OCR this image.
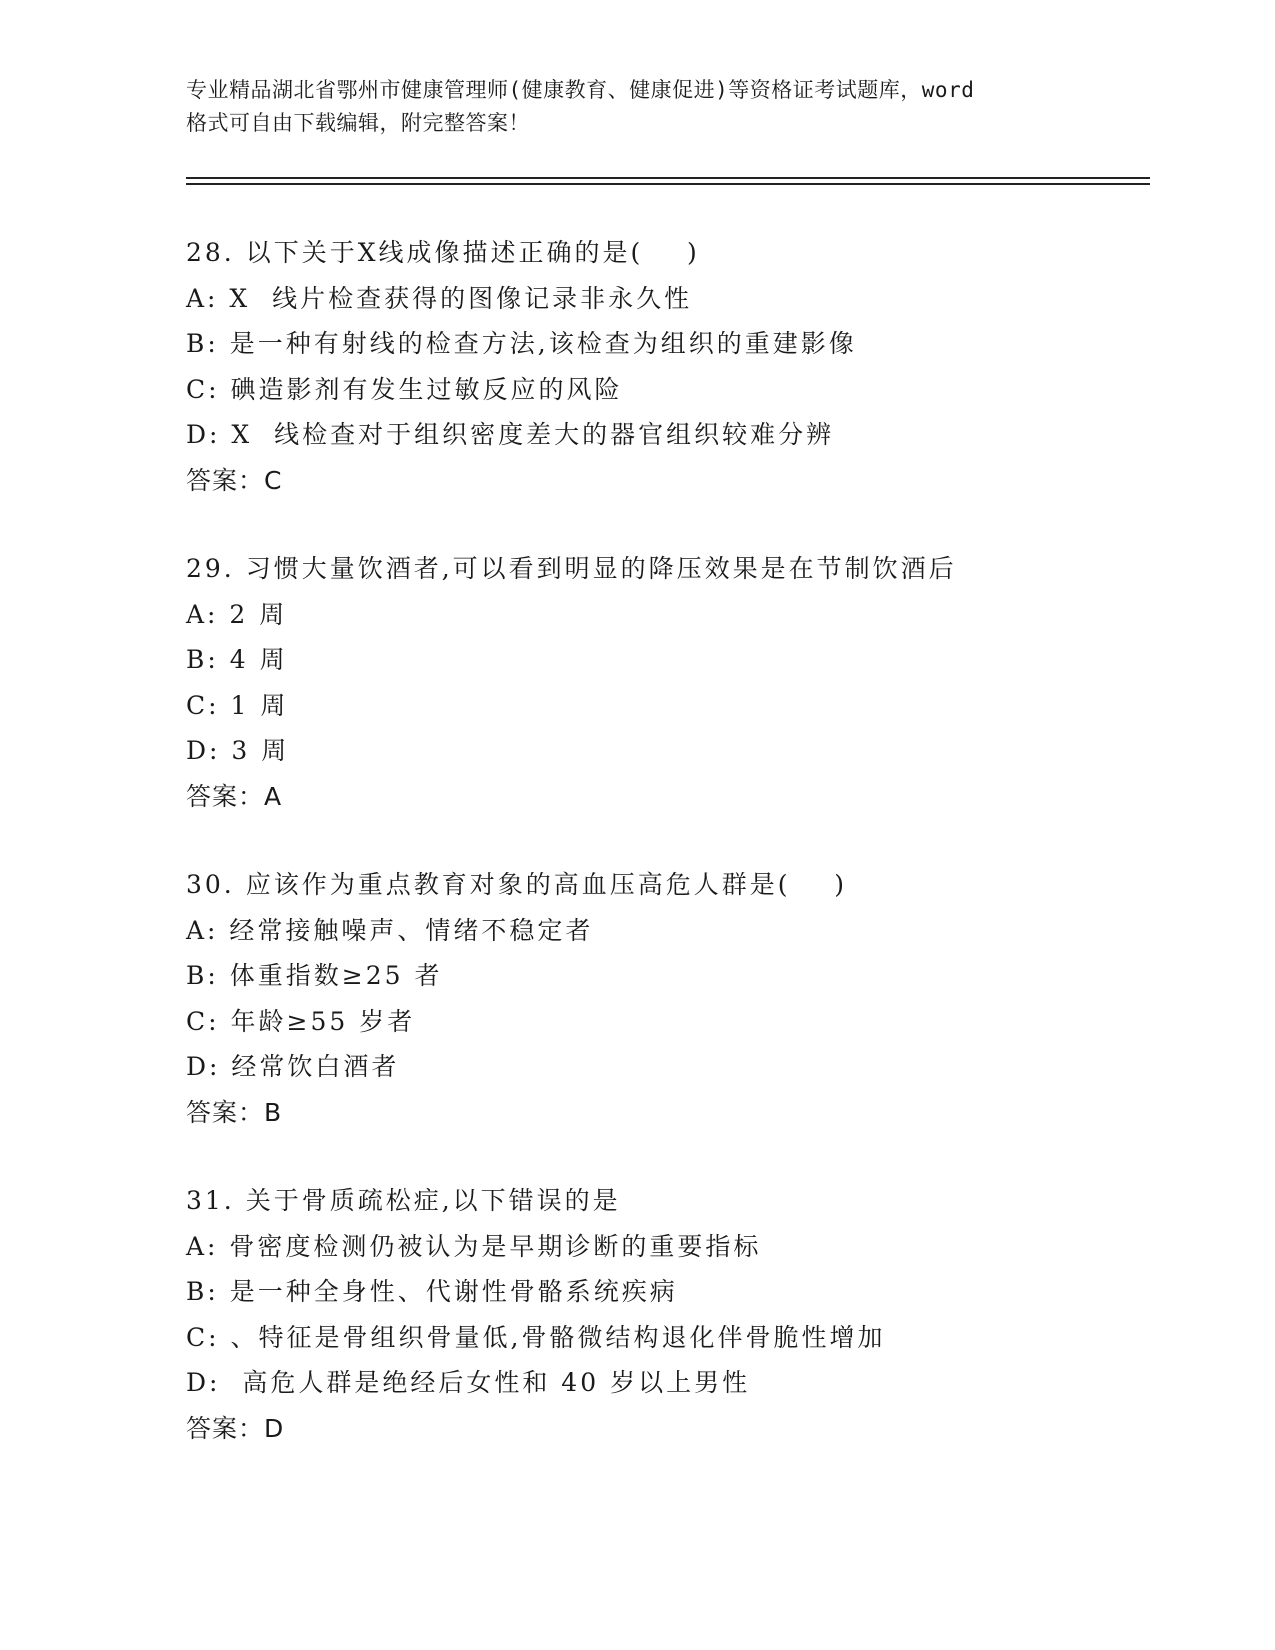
专业精品湖北省鄂州市健康管理师(健康教育、健康促进)等资格证考试题库，word
格式可自由下载编辑，附完整答案！
28. 以下关于X线成像描述正确的是(    )
A: X  线片检查获得的图像记录非永久性
B: 是一种有射线的检查方法,该检查为组织的重建影像
C: 碘造影剂有发生过敏反应的风险
D: X  线检查对于组织密度差大的器官组织较难分辨
答案：C
29. 习惯大量饮酒者,可以看到明显的降压效果是在节制饮酒后
A: 2 周
B: 4 周
C: 1 周
D: 3 周
答案：A
30. 应该作为重点教育对象的高血压高危人群是(    )
A: 经常接触噪声、情绪不稳定者
B: 体重指数≥25 者
C: 年龄≥55 岁者
D: 经常饮白酒者
答案：B
31. 关于骨质疏松症,以下错误的是
A: 骨密度检测仍被认为是早期诊断的重要指标
B: 是一种全身性、代谢性骨骼系统疾病
C: 、特征是骨组织骨量低,骨骼微结构退化伴骨脆性增加
D:  高危人群是绝经后女性和 40 岁以上男性
答案：D
